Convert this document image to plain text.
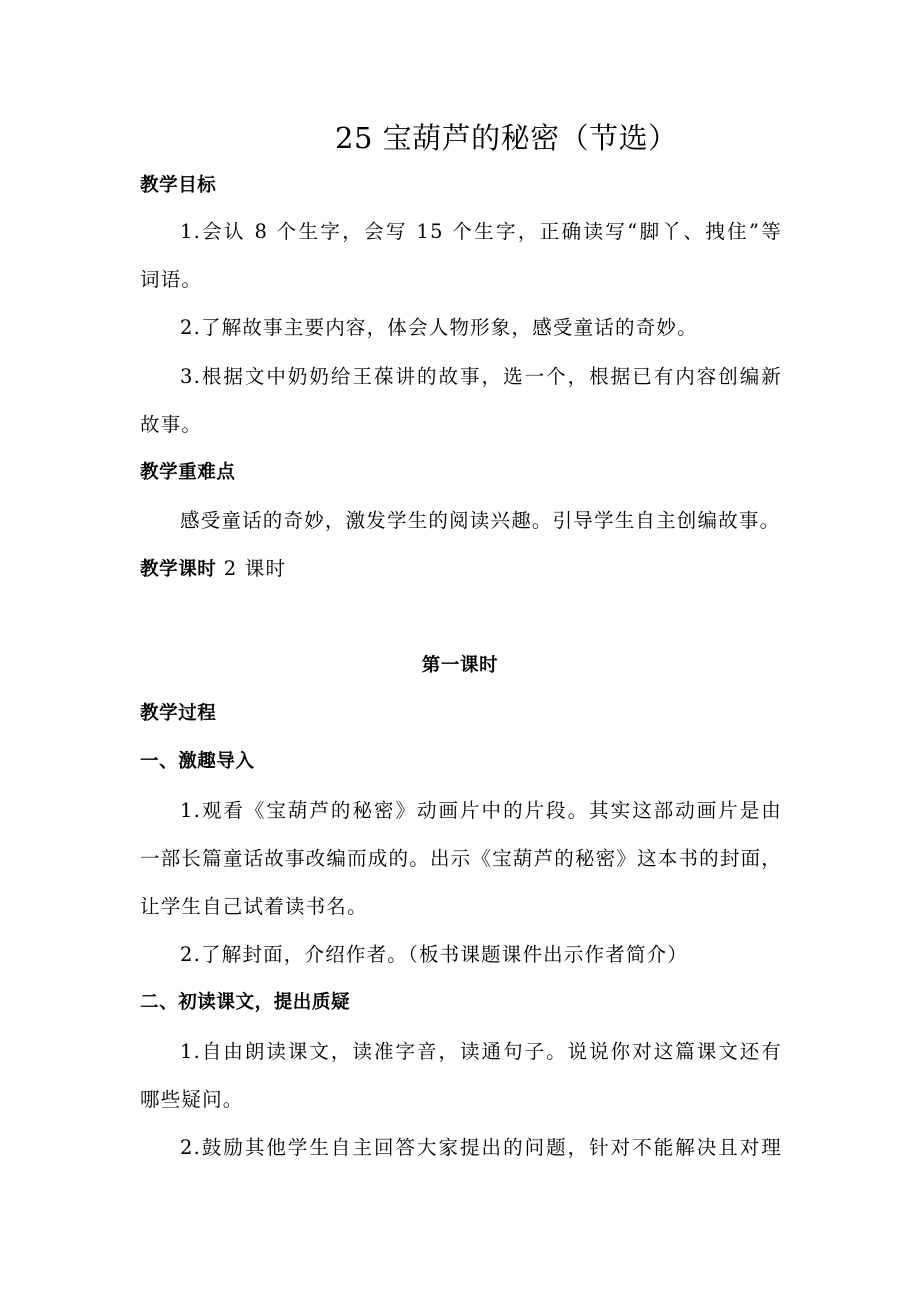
25 宝葫芦的秘密（节选）
教学目标
1.会认 8 个生字，会写 15 个生字，正确读写“脚丫、拽住”等
词语。
2.了解故事主要内容，体会人物形象，感受童话的奇妙。
3.根据文中奶奶给王葆讲的故事，选一个，根据已有内容创编新
故事。
教学重难点
感受童话的奇妙，激发学生的阅读兴趣。引导学生自主创编故事。
教学课时 2 课时
第一课时
教学过程
一、激趣导入
1.观看《宝葫芦的秘密》动画片中的片段。其实这部动画片是由
一部长篇童话故事改编而成的。出示《宝葫芦的秘密》这本书的封面，
让学生自己试着读书名。
2.了解封面，介绍作者。（板书课题课件出示作者简介）
二、初读课文，提出质疑
1.自由朗读课文，读准字音，读通句子。说说你对这篇课文还有
哪些疑问。
2.鼓励其他学生自主回答大家提出的问题，针对不能解决且对理
